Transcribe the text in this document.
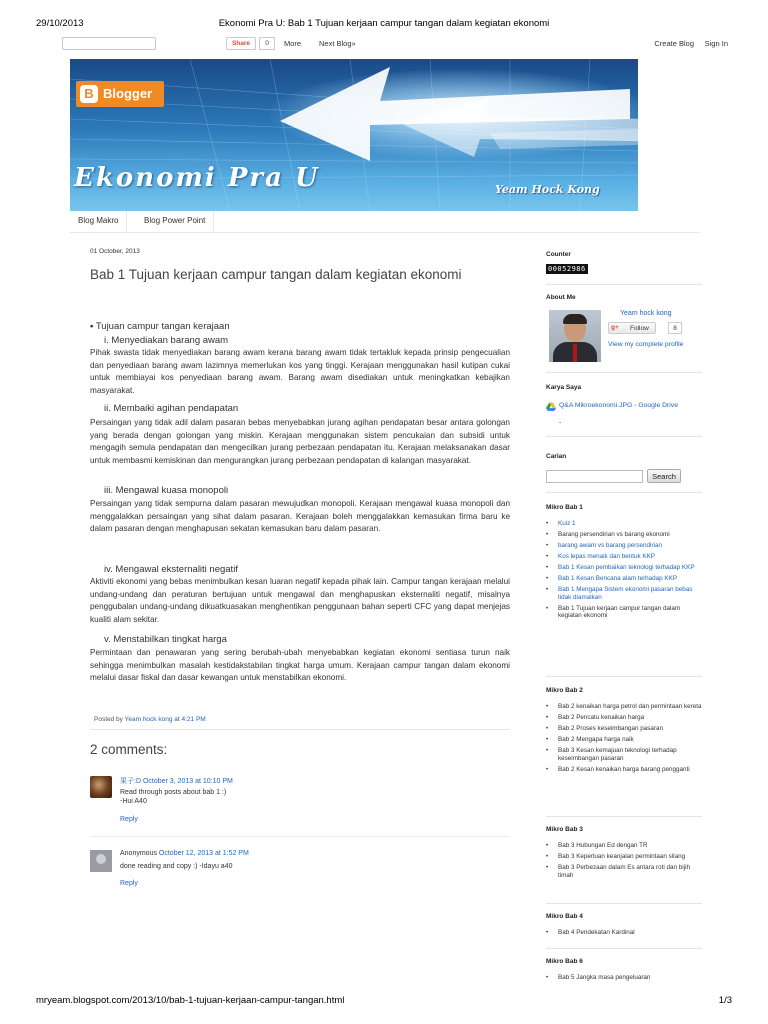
29/10/2013	Ekonomi Pra U: Bab 1 Tujuan kerjaan campur tangan dalam kegiatan ekonomi
Share	0	More Next Blog»	Create Blog Sign In
B Blogger
Ekonomi Pra U	Yeam Hock Kong
Blog Makro	Blog Power Point
01 October, 2013
Bab 1 Tujuan kerjaan campur tangan dalam kegiatan ekonomi
▪ Tujuan campur tangan kerajaan
i. Menyediakan barang awam
Pihak swasta tidak menyediakan barang awam kerana barang awam tidak tertakluk kepada prinsip pengecualian dan penyediaan barang awam lazimnya memerlukan kos yang tinggi. Kerajaan menggunakan hasil kutipan cukai untuk membiayai kos penyediaan barang awam. Barang awam disediakan untuk meningkatkan kebajikan masyarakat.
ii. Membaiki agihan pendapatan
Persaingan yang tidak adil dalam pasaran bebas menyebabkan jurang agihan pendapatan besar antara golongan yang berada dengan golongan yang miskin. Kerajaan menggunakan sistem pencukaian dan subsidi untuk mengagih semula pendapatan dan mengecilkan jurang perbezaan pendapatan itu. Kerajaan melaksanakan dasar untuk membasmi kemiskinan dan mengurangkan jurang perbezaan pendapatan di kalangan masyarakat.
iii. Mengawal kuasa monopoli
Persaingan yang tidak sempurna dalam pasaran mewujudkan monopoli. Kerajaan mengawal kuasa monopoli dan menggalakkan persaingan yang sihat dalam pasaran. Kerajaan boleh menggalakkan kemasukan firma baru ke dalam pasaran dengan menghapusan sekatan kemasukan baru dalam pasaran.
iv. Mengawal eksternaliti negatif
Aktiviti ekonomi yang bebas menimbulkan kesan luaran negatif kepada pihak lain. Campur tangan kerajaan melalui undang-undang dan peraturan bertujuan untuk mengawal dan menghapuskan eksternaliti negatif, misalnya penggubalan undang-undang dikuatkuasakan menghentikan penggunaan bahan seperti CFC yang dapat menjejas kualiti alam sekitar.
v. Menstabilkan tingkat harga
Permintaan dan penawaran yang sering berubah-ubah menyebabkan kegiatan ekonomi sentiasa turun naik sehingga menimbulkan masalah kestidakstabilan tingkat harga umum. Kerajaan campur tangan dalam ekonomi melalui dasar fiskal dan dasar kewangan untuk menstabilkan ekonomi.
Posted by Yeam hock kong at 4:21 PM
2 comments:
果子:D October 3, 2013 at 10:10 PM
Read through posts about bab 1 :)
-Hui A40
Reply
Anonymous October 12, 2013 at 1:52 PM
done reading and copy :) -Idayu a40
Reply
Counter
00052986
About Me
Yeam hock kong
g+ Follow	8
View my complete profile
Karya Saya
Q&A Mikroekonomi.JPG - Google Drive
-
Carian
Search
Mikro Bab 1
• Kuiz 1
• Barang persendirian vs barang ekonomi
• barang awam vs barang persendirian
• Kos lepas menaik dan bentuk KKP
• Bab 1 Kesan pembaikan teknologi terhadap KKP
• Bab 1 Kesan Bencana alam terhadap KKP
• Bab 1 Mengapa Sistem ekonomi pasaran bebas tidak diamalkan
• Bab 1 Tujuan kerjaan campur tangan dalam kegiatan ekonomi
Mikro Bab 2
• Bab 2 kenaikan harga petrol dan permintaan kereta
• Bab 2 Pencatu kenaikan harga
• Bab 2 Proses keseimbangan pasaran
• Bab 2 Mengapa harga naik
• Bab 3 Kesan kemajuan teknologi terhadap keseimbangan pasaran
• Bab 2 Kesan kenaikan harga barang pengganti
Mikro Bab 3
• Bab 3 Hubungan Ed dengan TR
• Bab 3 Keperluan keanjalan permintaan silang
• Bab 3 Perbezaan dalam Es antara roti dan bijih timah
Mikro Bab 4
• Bab 4 Pendekatan Kardinal
Mikro Bab 6
• Bab 5 Jangka masa pengeluaran
mryeam.blogspot.com/2013/10/bab-1-tujuan-kerjaan-campur-tangan.html	1/3
